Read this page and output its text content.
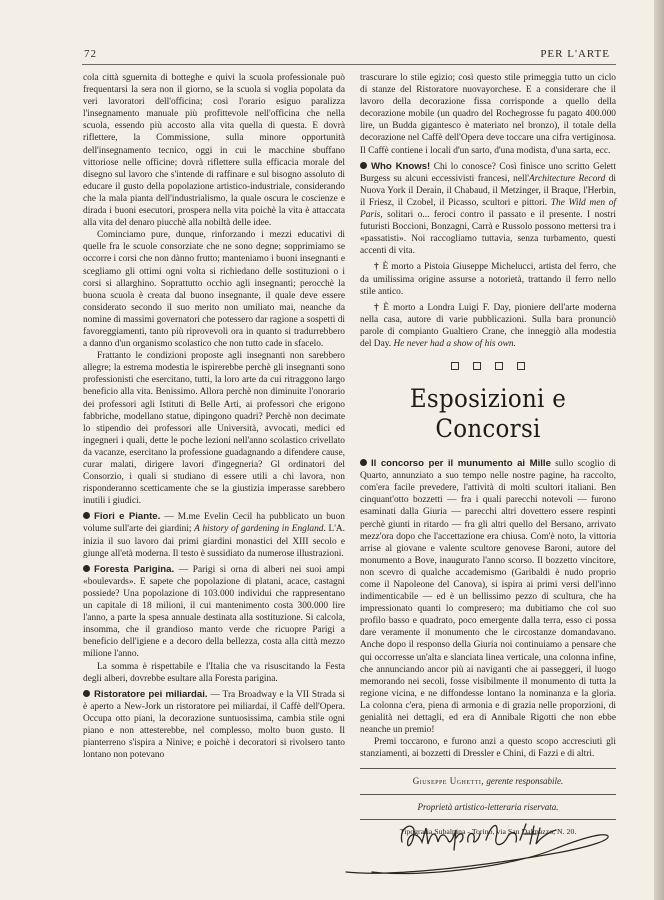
72	PER L'ARTE

cola città sguernita di botteghe e quivi la scuola professionale può frequentarsi la sera non il giorno, se la scuola si voglia popolata da veri lavoratori dell'officina; così l'orario esiguo paralizza l'insegnamento manuale più profittevole nell'officina che nella scuola, essendo più accosto alla vita quella di questa. E dovrà riflettere, la Commissione, sulla minore opportunità dell'insegnamento tecnico, oggi in cui le macchine sbuffano vittoriose nelle officine; dovrà riflettere sulla efficacia morale del disegno sul lavoro che s'intende di raffinare e sul bisogno assoluto di educare il gusto della popolazione artistico-industriale, considerando che la mala pianta dell'industrialismo, la quale oscura le coscienze e dirada i buoni esecutori, prospera nella vita poichè la vita è attaccata alla vita del denaro piucchè alla nobiltà delle idee.

Cominciamo pure, dunque, rinforzando i mezzi educativi di quelle fra le scuole consorziate che ne sono degne; sopprimiamo se occorre i corsi che non dànno frutto; manteniamo i buoni insegnanti e scegliamo gli ottimi ogni volta si richiedano delle sostituzioni o i corsi si allarghino. Soprattutto occhio agli insegnanti; perocchè la buona scuola è creata dal buono insegnante, il quale deve essere considerato secondo il suo merito non umiliato mai, neanche da nomine di massimi governatori che potessero dar ragione a sospetti di favoreggiamenti, tanto più riprovevoli ora in quanto si tradurrebbero a danno d'un organismo scolastico che non tutto cade in sfacelo.

Frattanto le condizioni proposte agli insegnanti non sarebbero allegre; la estrema modestia le ispirerebbe perchè gli insegnanti sono professionisti che esercitano, tutti, la loro arte da cui ritraggono largo beneficio alla vita. Benissimo. Allora perchè non diminuite l'onorario dei professori agli Istituti di Belle Arti, ai professori che erigono fabbriche, modellano statue, dipingono quadri? Perchè non decimate lo stipendio dei professori alle Università, avvocati, medici ed ingegneri i quali, dette le poche lezioni nell'anno scolastico crivellato da vacanze, esercitano la professione guadagnando a difendere cause, curar malati, dirigere lavori d'ingegneria? Gl ordinatori del Consorzio, i quali si studiano di essere utili a chi lavora, non risponderanno scetticamente che se la giustizia imperasse sarebbero inutili i giudici.

Fiori e Piante. — M.me Evelin Cecil ha pubblicato un buon volume sull'arte dei giardini; A history of gardening in England. L'A. inizia il suo lavoro dai primi giardini monastici del XIII secolo e giunge all'età moderna. Il testo è sussidiato da numerose illustrazioni.

Foresta Parigina. — Parigi si orna di alberi nei suoi ampi «boulevards». E sapete che popolazione di platani, acace, castagni possiede? Una popolazione di 103.000 individui che rappresentano un capitale di 18 milioni, il cui mantenimento costa 300.000 lire l'anno, a parte la spesa annuale destinata alla sostituzione. Si calcola, insomma, che il grandioso manto verde che ricuopre Parigi a beneficio dell'igiene e a decoro della bellezza, costa alla città mezzo milione l'anno.

La somma è rispettabile e l'Italia che va risuscitando la Festa degli alberi, dovrebbe esultare alla Foresta parigina.

Ristoratore pei miliardai. — Tra Broadway e la VII Strada si è aperto a New-Jork un ristoratore pei miliardai, il Caffè dell'Opera. Occupa otto piani, la decorazione suntuosissima, cambia stile ogni piano e non attesterebbe, nel complesso, molto buon gusto. Il pianterreno s'ispira a Ninive; e poichè i decoratori si rivolsero tanto lontano non potevano

trascurare lo stile egizio; così questo stile primeggia tutto un ciclo di stanze del Ristoratore nuovayorchese. E a considerare che il lavoro della decorazione fissa corrisponde a quello della decorazione mobile (un quadro del Rochegrosse fu pagato 400.000 lire, un Budda gigantesco è materiato nel bronzo), il totale della decorazione nel Caffè dell'Opera deve toccare una cifra vertiginosa. Il Caffè contiene i locali d'un sarto, d'una modista, d'una sarta, ecc.

Who Knows! Chi lo conosce? Così finisce uno scritto Gelett Burgess su alcuni eccessivisti francesi, nell'Architecture Record di Nuova York il Derain, il Chabaud, il Metzinger, il Braque, l'Herbin, il Friesz, il Czobel, il Picasso, scultori e pittori. The Wild men of Paris, solitari o... feroci contro il passato e il presente. I nostri futuristi Boccioni, Bonzagni, Carrà e Russolo possono mettersi tra i «passatisti». Noi raccogliamo tuttavia, senza turbamento, questi accenti di vita.

† È morto a Pistoia Giuseppe Michelucci, artista del ferro, che da umilissima origine assurse a notorietà, trattando il ferro nello stile antico.

† È morto a Londra Luigi F. Day, pioniere dell'arte moderna nella casa, autore di varie pubblicazioni. Sulla bara pronunciò parole di compianto Gualtiero Crane, che inneggiò alla modestia del Day. He never had a show of his own.

Esposizioni e Concorsi

Il concorso per il munumento ai Mille sullo scoglio di Quarto, annunziato a suo tempo nelle nostre pagine, ha raccolto, com'era facile prevedere, l'attività di molti scultori italiani. Ben cinquant'otto bozzetti — fra i quali parecchi notevoli — furono esaminati dalla Giuria — parecchi altri dovettero essere respinti perchè giunti in ritardo — fra gli altri quello del Bersano, arrivato mezz'ora dopo che l'accettazione era chiusa. Com'è noto, la vittoria arrise al giovane e valente scultore genovese Baroni, autore del monumento a Bove, inaugurato l'anno scorso. Il bozzetto vincitore, non scevro di qualche accademismo (Garibaldi è nudo proprio come il Napoleone del Canova), si ispira ai primi versi dell'inno indimenticabile — ed è un bellissimo pezzo di scultura, che ha impressionato quanti lo compresero; ma dubitiamo che col suo profilo basso e quadrato, poco emergente dalla terra, esso ci possa dare veramente il monumento che le circostanze domandavano. Anche dopo il responso della Giuria noi continuiamo a pensare che qui occorresse un'alta e slanciata linea verticale, una colonna infine, che annunciando ancor più ai naviganti che ai passeggeri, il luogo memorando nei secoli, fosse visibilmente il monumento di tutta la regione vicina, e ne diffondesse lontano la nominanza e la gloria. La colonna c'era, piena di armonia e di grazia nelle proporzioni, di genialità nei dettagli, ed era di Annibale Rigotti che non ebbe neanche un premio!

Premi toccarono, e furono anzi a questo scopo accresciuti gli stanziamenti, ai bozzetti di Dressler e Chini, di Fazzi e di altri.

Giuseppe Ughetti, gerente responsabile.
Proprietà artistico-letteraria riservata.
Tipografia Subalpina - Torino, via San Dalmazzo, N. 20.
